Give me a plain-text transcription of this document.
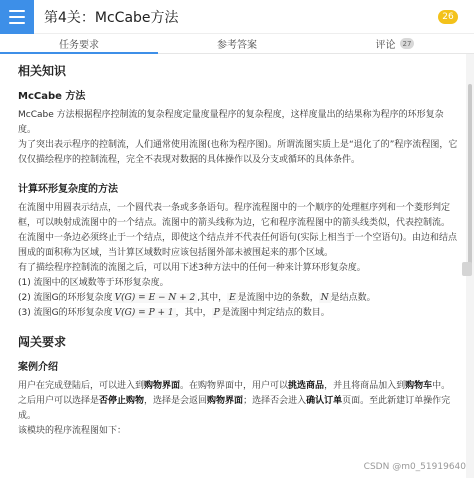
第4关：McCabe方法	26
任务要求	参考答案	评论	27
相关知识
McCabe 方法

McCabe 方法根据程序控制流的复杂程度定量度量程序的复杂程度，这样度量出的结果称为程序的环形复杂度。

为了突出表示程序的控制流，人们通常使用流图(也称为程序图)。所谓流图实质上是“退化了的”程序流程图，它仅仅描绘程序的控制流程，完全不表现对数据的具体操作以及分支或循环的具体条件。

计算环形复杂度的方法

在流图中用圆表示结点，一个圆代表一条或多条语句。程序流程图中的一个顺序的处理框序列和一个菱形判定框，可以映射成流图中的一个结点。流图中的箭头线称为边，它和程序流程图中的箭头线类似，代表控制流。在流图中一条边必须终止于一个结点，即使这个结点并不代表任何语句(实际上相当于一个空语句)。由边和结点围成的面积称为区域，当计算区域数时应该包括图外部未被围起来的那个区域。

有了描绘程序控制流的流图之后，可以用下述3种方法中的任何一种来计算环形复杂度。

(1) 流图中的区域数等于环形复杂度。

(2) 流图G的环形复杂度 V(G) = E − N + 2 ,其中， E 是流图中边的条数， N 是结点数。

(3) 流图G的环形复杂度 V(G) = P + 1 ，其中， P 是流图中判定结点的数目。

闯关要求
案例介绍

用户在完成登陆后，可以进入到购物界面。在购物界面中，用户可以挑选商品，并且将商品加入到购物车中。之后用户可以选择是否停止购物，选择是会返回购物界面；选择否会进入确认订单页面。至此新建订单操作完成。

该模块的程序流程图如下：

CSDN @m0_51919640
